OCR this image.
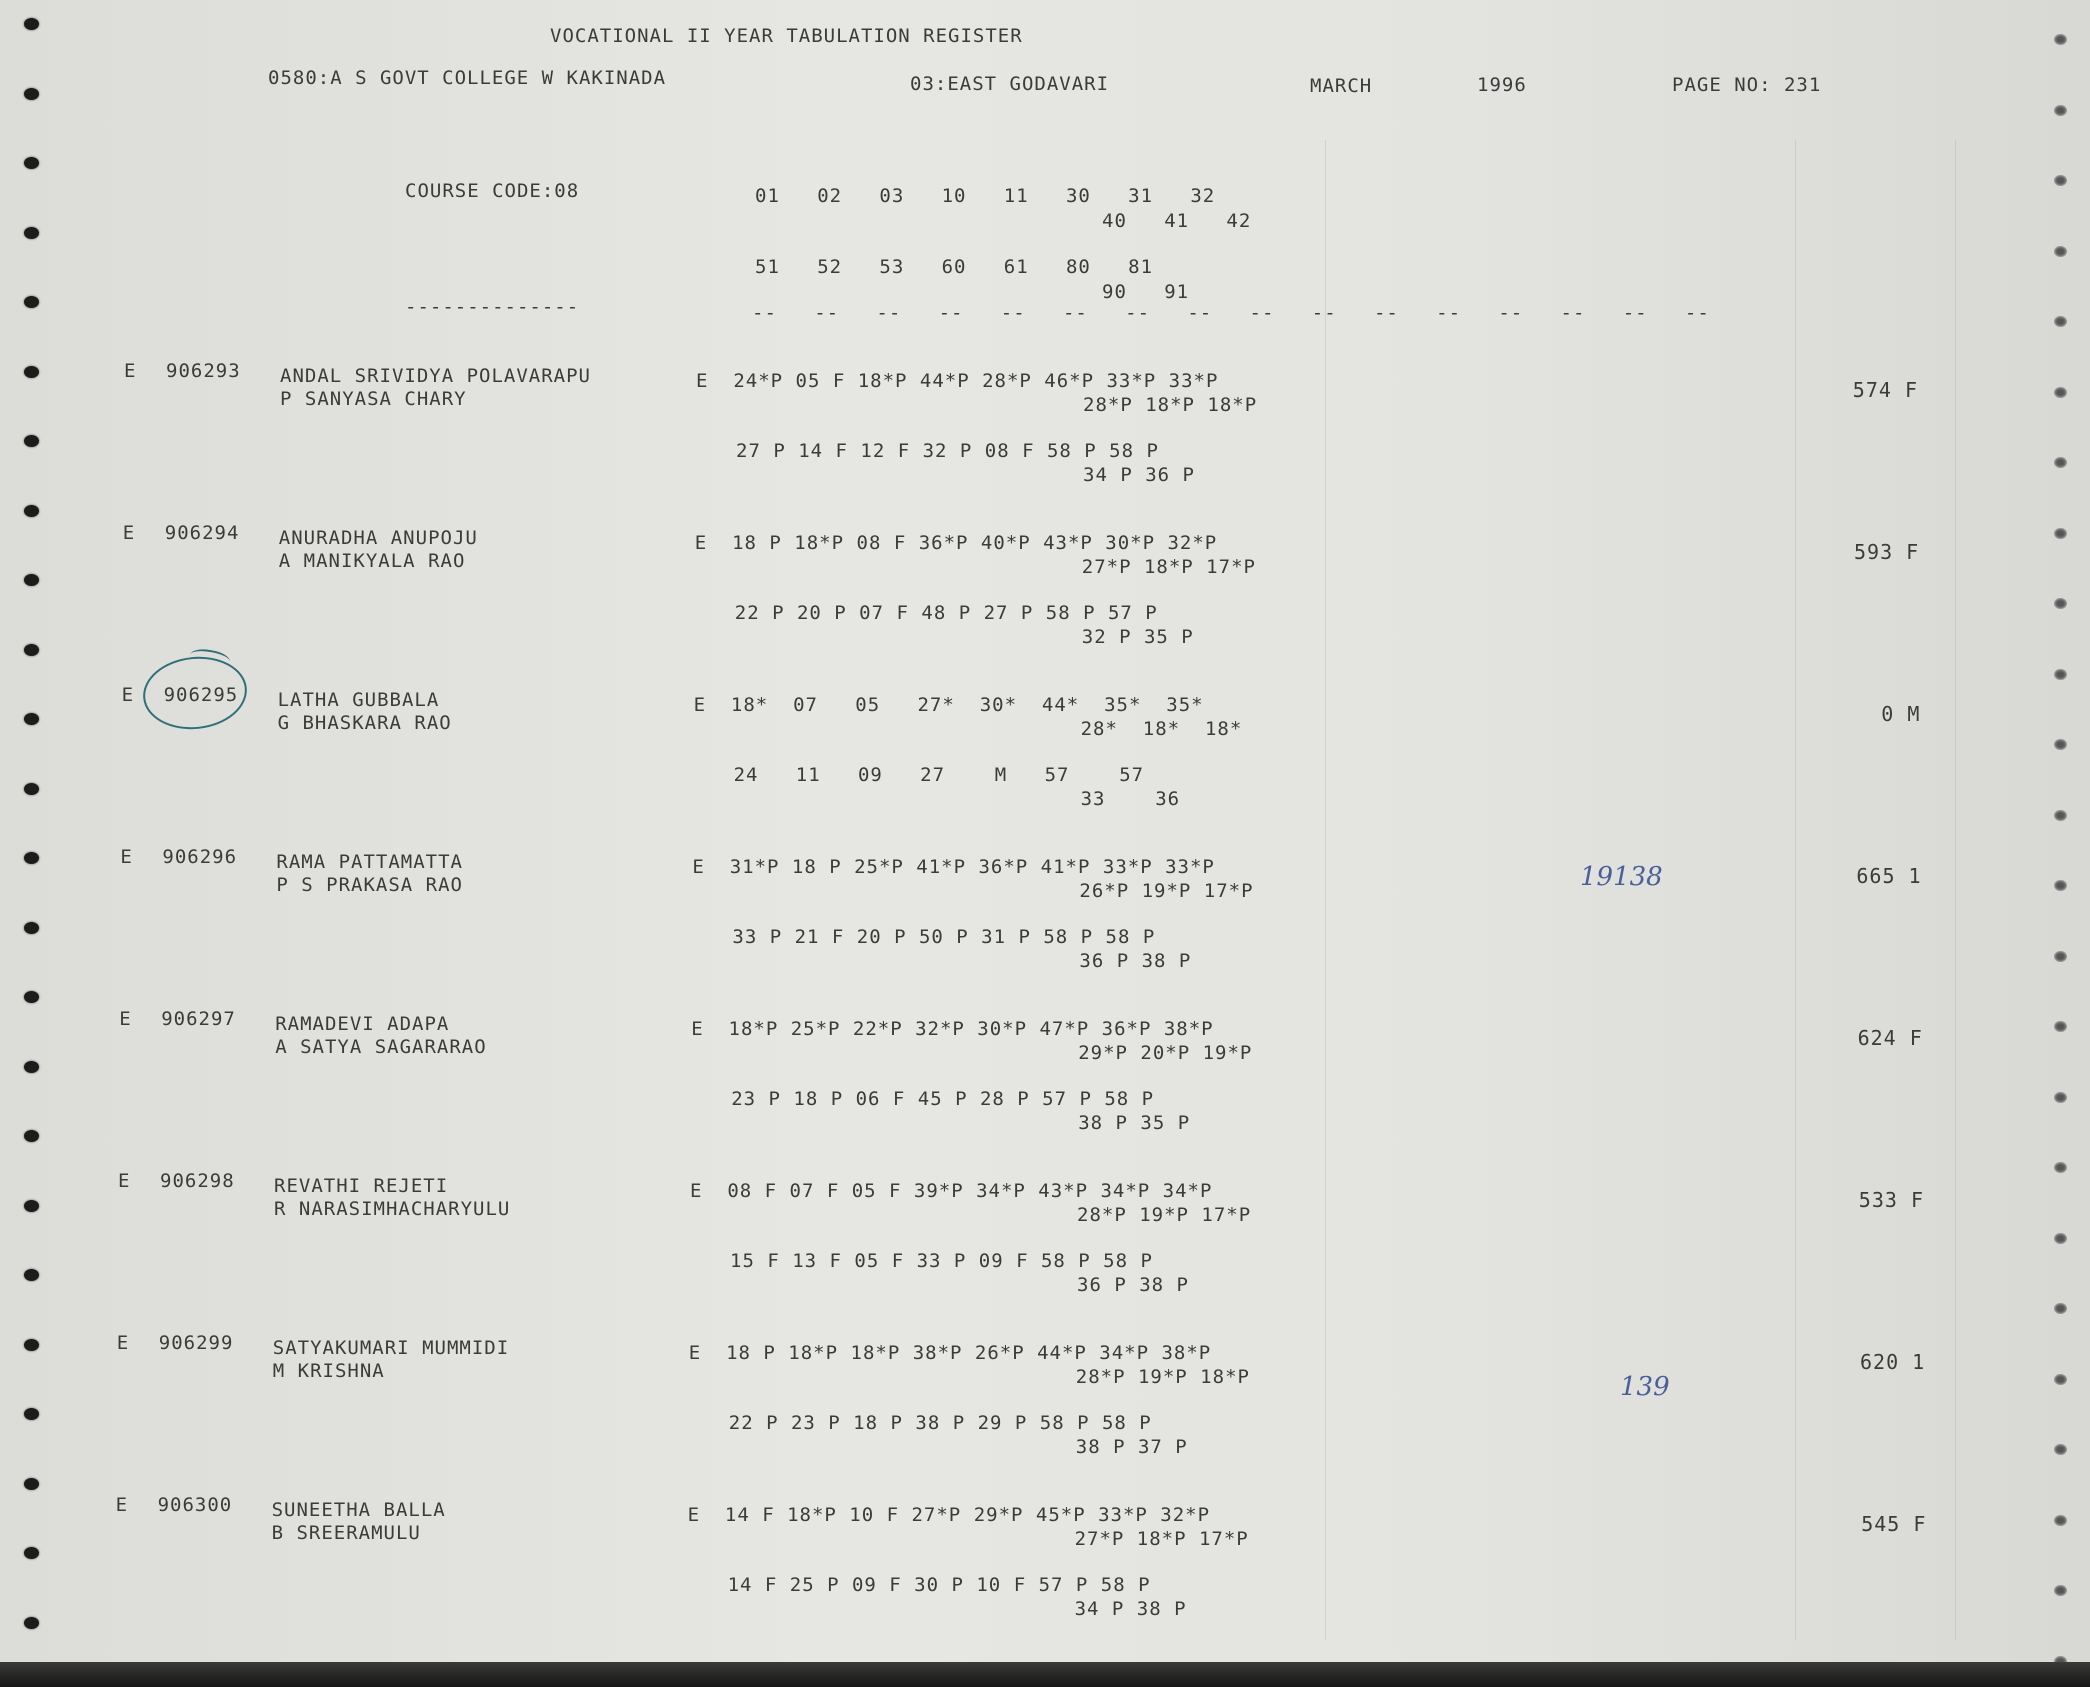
VOCATIONAL II YEAR TABULATION REGISTER
0580:A S GOVT COLLEGE W KAKINADA	03:EAST GODAVARI	MARCH	1996	PAGE NO: 231
COURSE CODE:08
--------------
01   02   03   10   11   30   31   32
40   41   42
51   52   53   60   61   80   81
90   91
--   --   --   --   --   --   --   --   --   --   --   --   --   --   --   --
E 906293 ANDAL SRIVIDYA POLAVARAPU
P SANYASA CHARY
E  24*P 05 F 18*P 44*P 28*P 46*P 33*P 33*P
28*P 18*P 18*P
27 P 14 F 12 F 32 P 08 F 58 P 58 P
34 P 36 P
574 F
E 906294 ANURADHA ANUPOJU
A MANIKYALA RAO
E  18 P 18*P 08 F 36*P 40*P 43*P 30*P 32*P
27*P 18*P 17*P
22 P 20 P 07 F 48 P 27 P 58 P 57 P
32 P 35 P
593 F
E 906295 LATHA GUBBALA
G BHASKARA RAO
E  18*  07   05   27*  30*  44*  35*  35*
28*  18*  18*
24   11   09   27    M   57    57
33    36
0 M
E 906296 RAMA PATTAMATTA
P S PRAKASA RAO
E  31*P 18 P 25*P 41*P 36*P 41*P 33*P 33*P
26*P 19*P 17*P
33 P 21 F 20 P 50 P 31 P 58 P 58 P
36 P 38 P
665 1
E 906297 RAMADEVI ADAPA
A SATYA SAGARARAO
E  18*P 25*P 22*P 32*P 30*P 47*P 36*P 38*P
29*P 20*P 19*P
23 P 18 P 06 F 45 P 28 P 57 P 58 P
38 P 35 P
624 F
E 906298 REVATHI REJETI
R NARASIMHACHARYULU
E  08 F 07 F 05 F 39*P 34*P 43*P 34*P 34*P
28*P 19*P 17*P
15 F 13 F 05 F 33 P 09 F 58 P 58 P
36 P 38 P
533 F
E 906299 SATYAKUMARI MUMMIDI
M KRISHNA
E  18 P 18*P 18*P 38*P 26*P 44*P 34*P 38*P
28*P 19*P 18*P
22 P 23 P 18 P 38 P 29 P 58 P 58 P
38 P 37 P
620 1
E 906300 SUNEETHA BALLA
B SREERAMULU
E  14 F 18*P 10 F 27*P 29*P 45*P 33*P 32*P
27*P 18*P 17*P
14 F 25 P 09 F 30 P 10 F 57 P 58 P
34 P 38 P
545 F
19138
139
